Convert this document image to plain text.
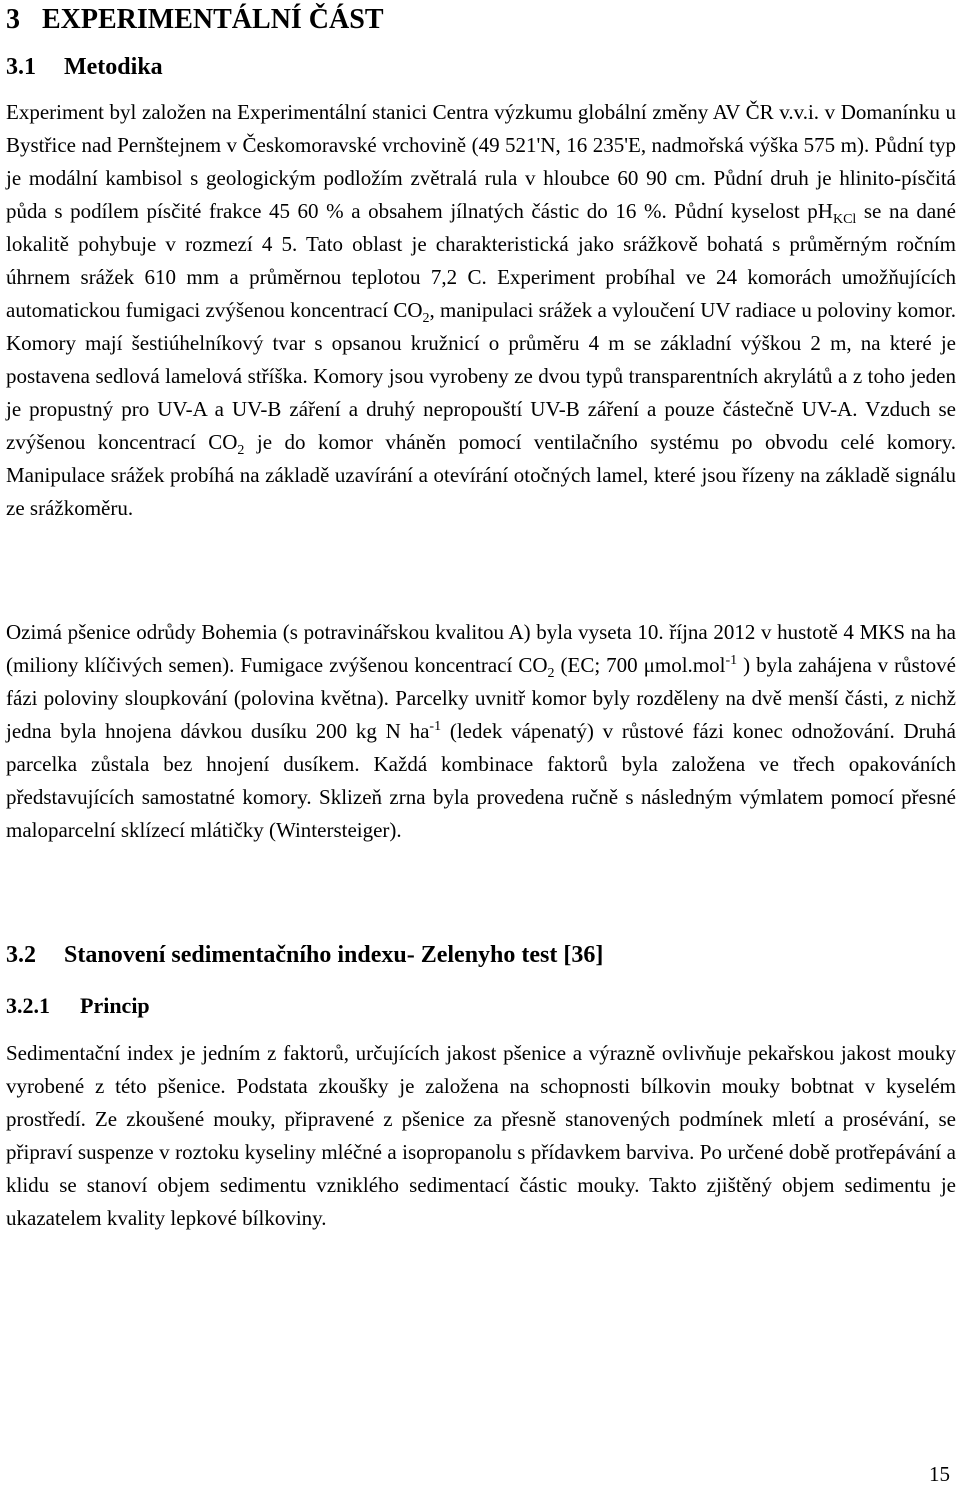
3 EXPERIMENTÁLNÍ ČÁST
3.1 Metodika

Experiment byl založen na Experimentální stanici Centra výzkumu globální změny AV ČR v.v.i. v Domanínku u Bystřice nad Pernštejnem v Českomoravské vrchovině (49 521'N, 16 235'E, nadmořská výška 575 m). Půdní typ je modální kambisol s geologickým podložím zvětralá rula v hloubce 60 90 cm. Půdní druh je hlinito-písčitá půda s podílem písčité frakce 45 60 % a obsahem jílnatých částic do 16 %. Půdní kyselost $pH_{KCl}$ se na dané lokalitě pohybuje v rozmezí 4 5. Tato oblast je charakteristická jako srážkově bohatá s průměrným ročním úhrnem srážek 610 mm a průměrnou teplotou 7,2 C. Experiment probíhal ve 24 komorách umožňujících automatickou fumigaci zvýšenou koncentrací $CO_2$, manipulaci srážek a vyloučení UV radiace u poloviny komor. Komory mají šestiúhelníkový tvar s opsanou kružnicí o průměru 4 m se základní výškou 2 m, na které je postavena sedlová lamelová stříška. Komory jsou vyrobeny ze dvou typů transparentních akrylátů a z toho jeden je propustný pro UV-A a UV-B záření a druhý nepropouští UV-B záření a pouze částečně UV-A. Vzduch se zvýšenou koncentrací $CO_2$ je do komor vháněn pomocí ventilačního systému po obvodu celé komory. Manipulace srážek probíhá na základě uzavírání a otevírání otočných lamel, které jsou řízeny na základě signálu ze srážkoměru.

Ozimá pšenice odrůdy Bohemia (s potravinářskou kvalitou A) byla vyseta 10. října 2012 v hustotě 4 MKS na ha (miliony klíčivých semen). Fumigace zvýšenou koncentrací $CO_2$ (EC; 700 μmol.mol$^{-1}$ ) byla zahájena v růstové fázi poloviny sloupkování (polovina května). Parcelky uvnitř komor byly rozděleny na dvě menší části, z nichž jedna byla hnojena dávkou dusíku 200 kg N $ha^{-1}$ (ledek vápenatý) v růstové fázi konec odnožování. Druhá parcelka zůstala bez hnojení dusíkem. Každá kombinace faktorů byla založena ve třech opakováních představujících samostatné komory. Sklizeň zrna byla provedena ručně s následným výmlatem pomocí přesné maloparcelní sklízecí mlátičky (Wintersteiger).

3.2 Stanovení sedimentačního indexu- Zelenyho test [36]
3.2.1 Princip

Sedimentační index je jedním z faktorů, určujících jakost pšenice a výrazně ovlivňuje pekařskou jakost mouky vyrobené z této pšenice. Podstata zkoušky je založena na schopnosti bílkovin mouky bobtnat v kyselém prostředí. Ze zkoušené mouky, připravené z pšenice za přesně stanovených podmínek mletí a prosévání, se připraví suspenze v roztoku kyseliny mléčné a isopropanolu s přídavkem barviva. Po určené době protřepávání a klidu se stanoví objem sedimentu vzniklého sedimentací částic mouky. Takto zjištěný objem sedimentu je ukazatelem kvality lepkové bílkoviny.

15
